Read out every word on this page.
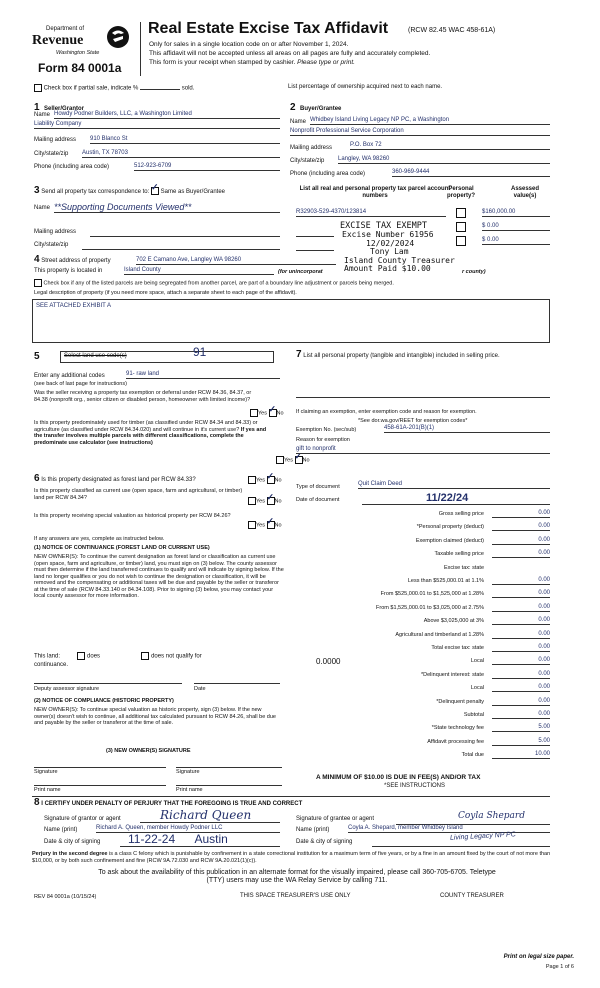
Department of
Revenue
Washington State
Form 84 0001a
Real Estate Excise Tax Affidavit	(RCW 82.45 WAC 458-61A)
Only for sales in a single location code on or after November 1, 2024.
This affidavit will not be accepted unless all areas on all pages are fully and accurately completed.
This form is your receipt when stamped by cashier. Please type or print.
Check box if partial sale, indicate %	sold.	List percentage of ownership acquired next to each name.
1 Seller/Grantor
Name Howdy Podner Builders, LLC, a Washington Limited
Liability Company
Mailing address 910 Blanco St
City/state/zip Austin, TX 78703
Phone (including area code)	512-923-6709
2 Buyer/Grantee
Name Whidbey Island Living Legacy NP PC, a Washington
Nonprofit Professional Service Corporation
Mailing address	P.O. Box 72
City/state/zip Langley, WA 98260
Phone (including area code)	360-969-9444
3 Send all property tax correspondence to: ✓ Same as Buyer/Grantee
Name **Supporting Documents Viewed**
Mailing address
City/state/zip
List all real and personal property tax parcel account numbers
Personal property?
Assessed value(s)
R32903-529-4370/123814	$160,000.00
$ 0.00
$ 0.00
EXCISE TAX EXEMPT
Excise Number 61956
12/02/2024
Tony Lam
Island County Treasurer
Amount Paid $10.00
4 Street address of property	702 E Camano Ave, Langley WA 98260
This property is located in	Island County	(for unincorporat	r county)
Check box if any of the listed parcels are being segregated from another parcel, are part of a boundary line adjustment or parcels being merged.
Legal description of property (if you need more space, attach a separate sheet to each page of the affidavit).
SEE ATTACHED EXHIBIT A
5	Select land use code(s)	91
Enter any additional codes	91- raw land
(see back of last page for instructions)
Was the seller receiving a property tax exemption or deferral under RCW 84.36, 84.37, or 84.38 (nonprofit org., senior citizen or disabled person, homeowner with limited income)?
Yes ✓ No
Is this property predominately used for timber (as classified under RCW 84.34 and 84.33) or agriculture (as classified under RCW 84.34.020) and will continue in it's current use? If yes and the transfer involves multiple parcels with different classifications, complete the predominate use calculator (see instructions)
Yes ✓ No
6 Is this property designated as forest land per RCW 84.33?	Yes ✓ No
Is this property classified as current use (open space, farm and agricultural, or timber) land per RCW 84.34?
Yes ✓ No
Is this property receiving special valuation as historical property per RCW 84.26?
Yes ✓ No
If any answers are yes, complete as instructed below.
(1) NOTICE OF CONTINUANCE (FOREST LAND OR CURRENT USE)
NEW OWNER(S): To continue the current designation as forest land or classification as current use (open space, farm and agriculture, or timber) land, you must sign on (3) below. The county assessor must then determine if the land transferred continues to qualify and will indicate by signing below. If the land no longer qualifies or you do not wish to continue the designation or classification, it will be removed and the compensating or additional taxes will be due and payable by the seller or transferor at the time of sale (RCW 84.33.140 or 84.34.108). Prior to signing (3) below, you may contact your local county assessor for more information.
This land:	does	does not qualify for
continuance.
Deputy assessor signature	Date
(2) NOTICE OF COMPLIANCE (HISTORIC PROPERTY)
NEW OWNER(S): To continue special valuation as historic property, sign (3) below. If the new owner(s) doesn't wish to continue, all additional tax calculated pursuant to RCW 84.26, shall be due and payable by the seller or transferor at the time of sale.
(3) NEW OWNER(S) SIGNATURE
Signature	Signature
Print name	Print name
7 List all personal property (tangible and intangible) included in selling price.
If claiming an exemption, enter exemption code and reason for exemption.
*See dor.wa.gov/REET for exemption codes*
Exemption No. (sec/sub)	458-61A-201(B)(1)
Reason for exemption
gift to nonprofit
Type of document	Quit Claim Deed
Date of document	11/22/24
Gross selling price	0.00
*Personal property (deduct)	0.00
Exemption claimed (deduct)	0.00
Taxable selling price	0.00
Excise tax: state
Less than $525,000.01 at 1.1%	0.00
From $525,000.01 to $1,525,000 at 1.28%	0.00
From $1,525,000.01 to $3,025,000 at 2.75%	0.00
Above $3,025,000 at 3%	0.00
Agricultural and timberland at 1.28%	0.00
Total excise tax: state	0.00
0.0000	Local	0.00
*Delinquent interest: state	0.00
Local	0.00
*Delinquent penalty	0.00
Subtotal	0.00
*State technology fee	5.00
Affidavit processing fee	5.00
Total due	10.00
A MINIMUM OF $10.00 IS DUE IN FEE(S) AND/OR TAX
*SEE INSTRUCTIONS
8 I CERTIFY UNDER PENALTY OF PERJURY THAT THE FOREGOING IS TRUE AND CORRECT
Signature of grantor or agent	Richard Queen
Name (print)	Richard A. Queen, member Howdy Podner LLC
Date & city of signing	11-22-24 Austin
Signature of grantee or agent	Coyla Shepard
Name (print)	Coyla A. Shepard, member Whidbey Island
Date & city of signing
Living Legacy NP PC
Perjury in the second degree is a class C felony which is punishable by confinement in a state correctional institution for a maximum term of five years, or by a fine in an amount fixed by the court of not more than $10,000, or by both such confinement and fine (RCW 9A.72.030 and RCW 9A.20.021(1)(c)).
To ask about the availability of this publication in an alternate format for the visually impaired, please call 360-705-6705. Teletype
(TTY) users may use the WA Relay Service by calling 711.
REV 84 0001a (10/15/24)	THIS SPACE TREASURER'S USE ONLY	COUNTY TREASURER
Print on legal size paper.
Page 1 of 6
